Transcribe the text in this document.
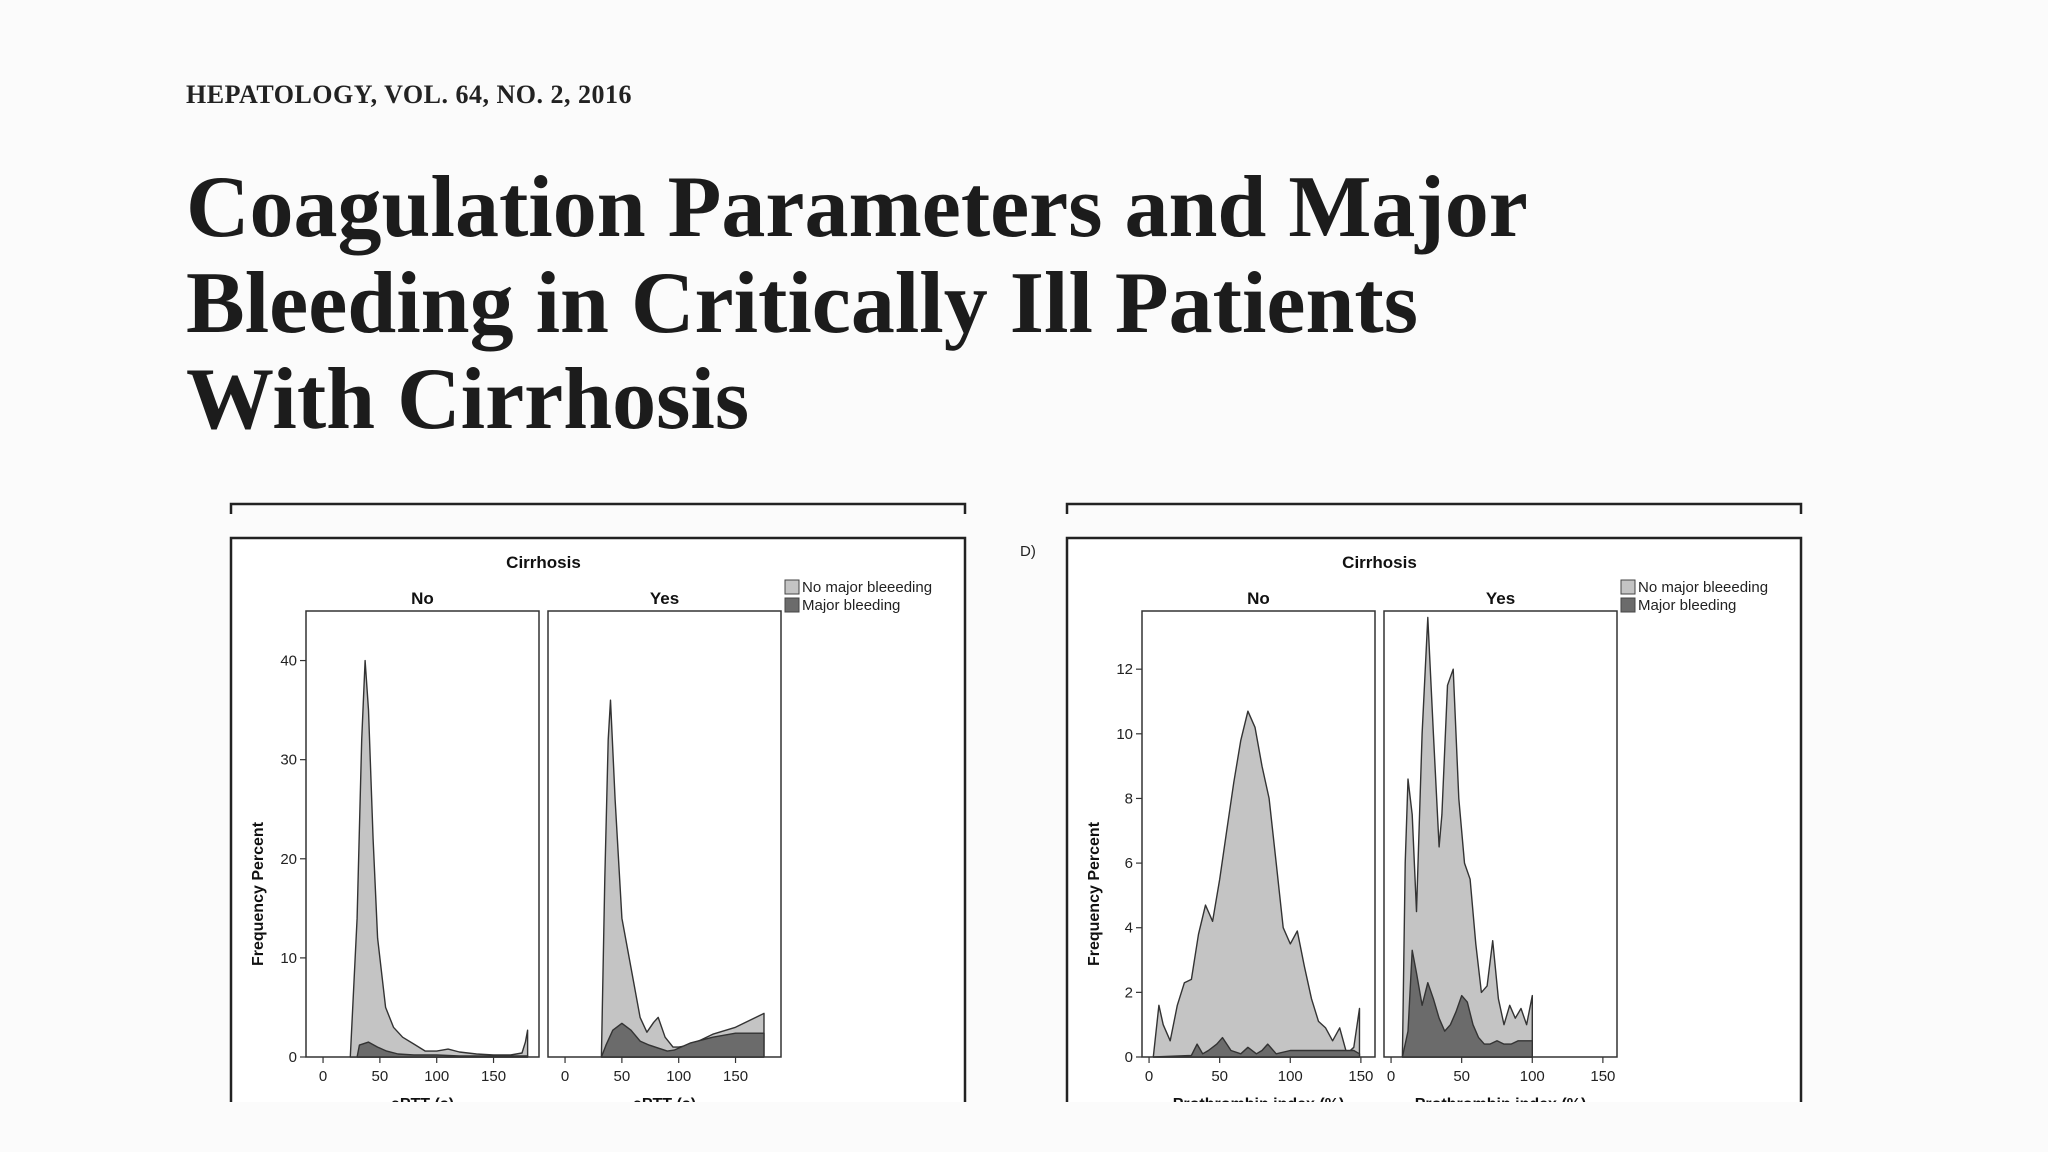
HEPATOLOGY, VOL. 64, NO. 2, 2016
Coagulation Parameters and Major
Bleeding in Critically Ill Patients
With Cirrhosis
Cirrhosis
No major bleeeding
Major bleeding
Frequency Percent
No
0	50 100 150
0
10
20
30
40
Yes
0	50 100 150
D)
Cirrhosis
No major bleeeding
Major bleeding
Frequency Percent
No
0	50	100	150
0
2
4
6
8
10
12
Yes
0	50	100	150
